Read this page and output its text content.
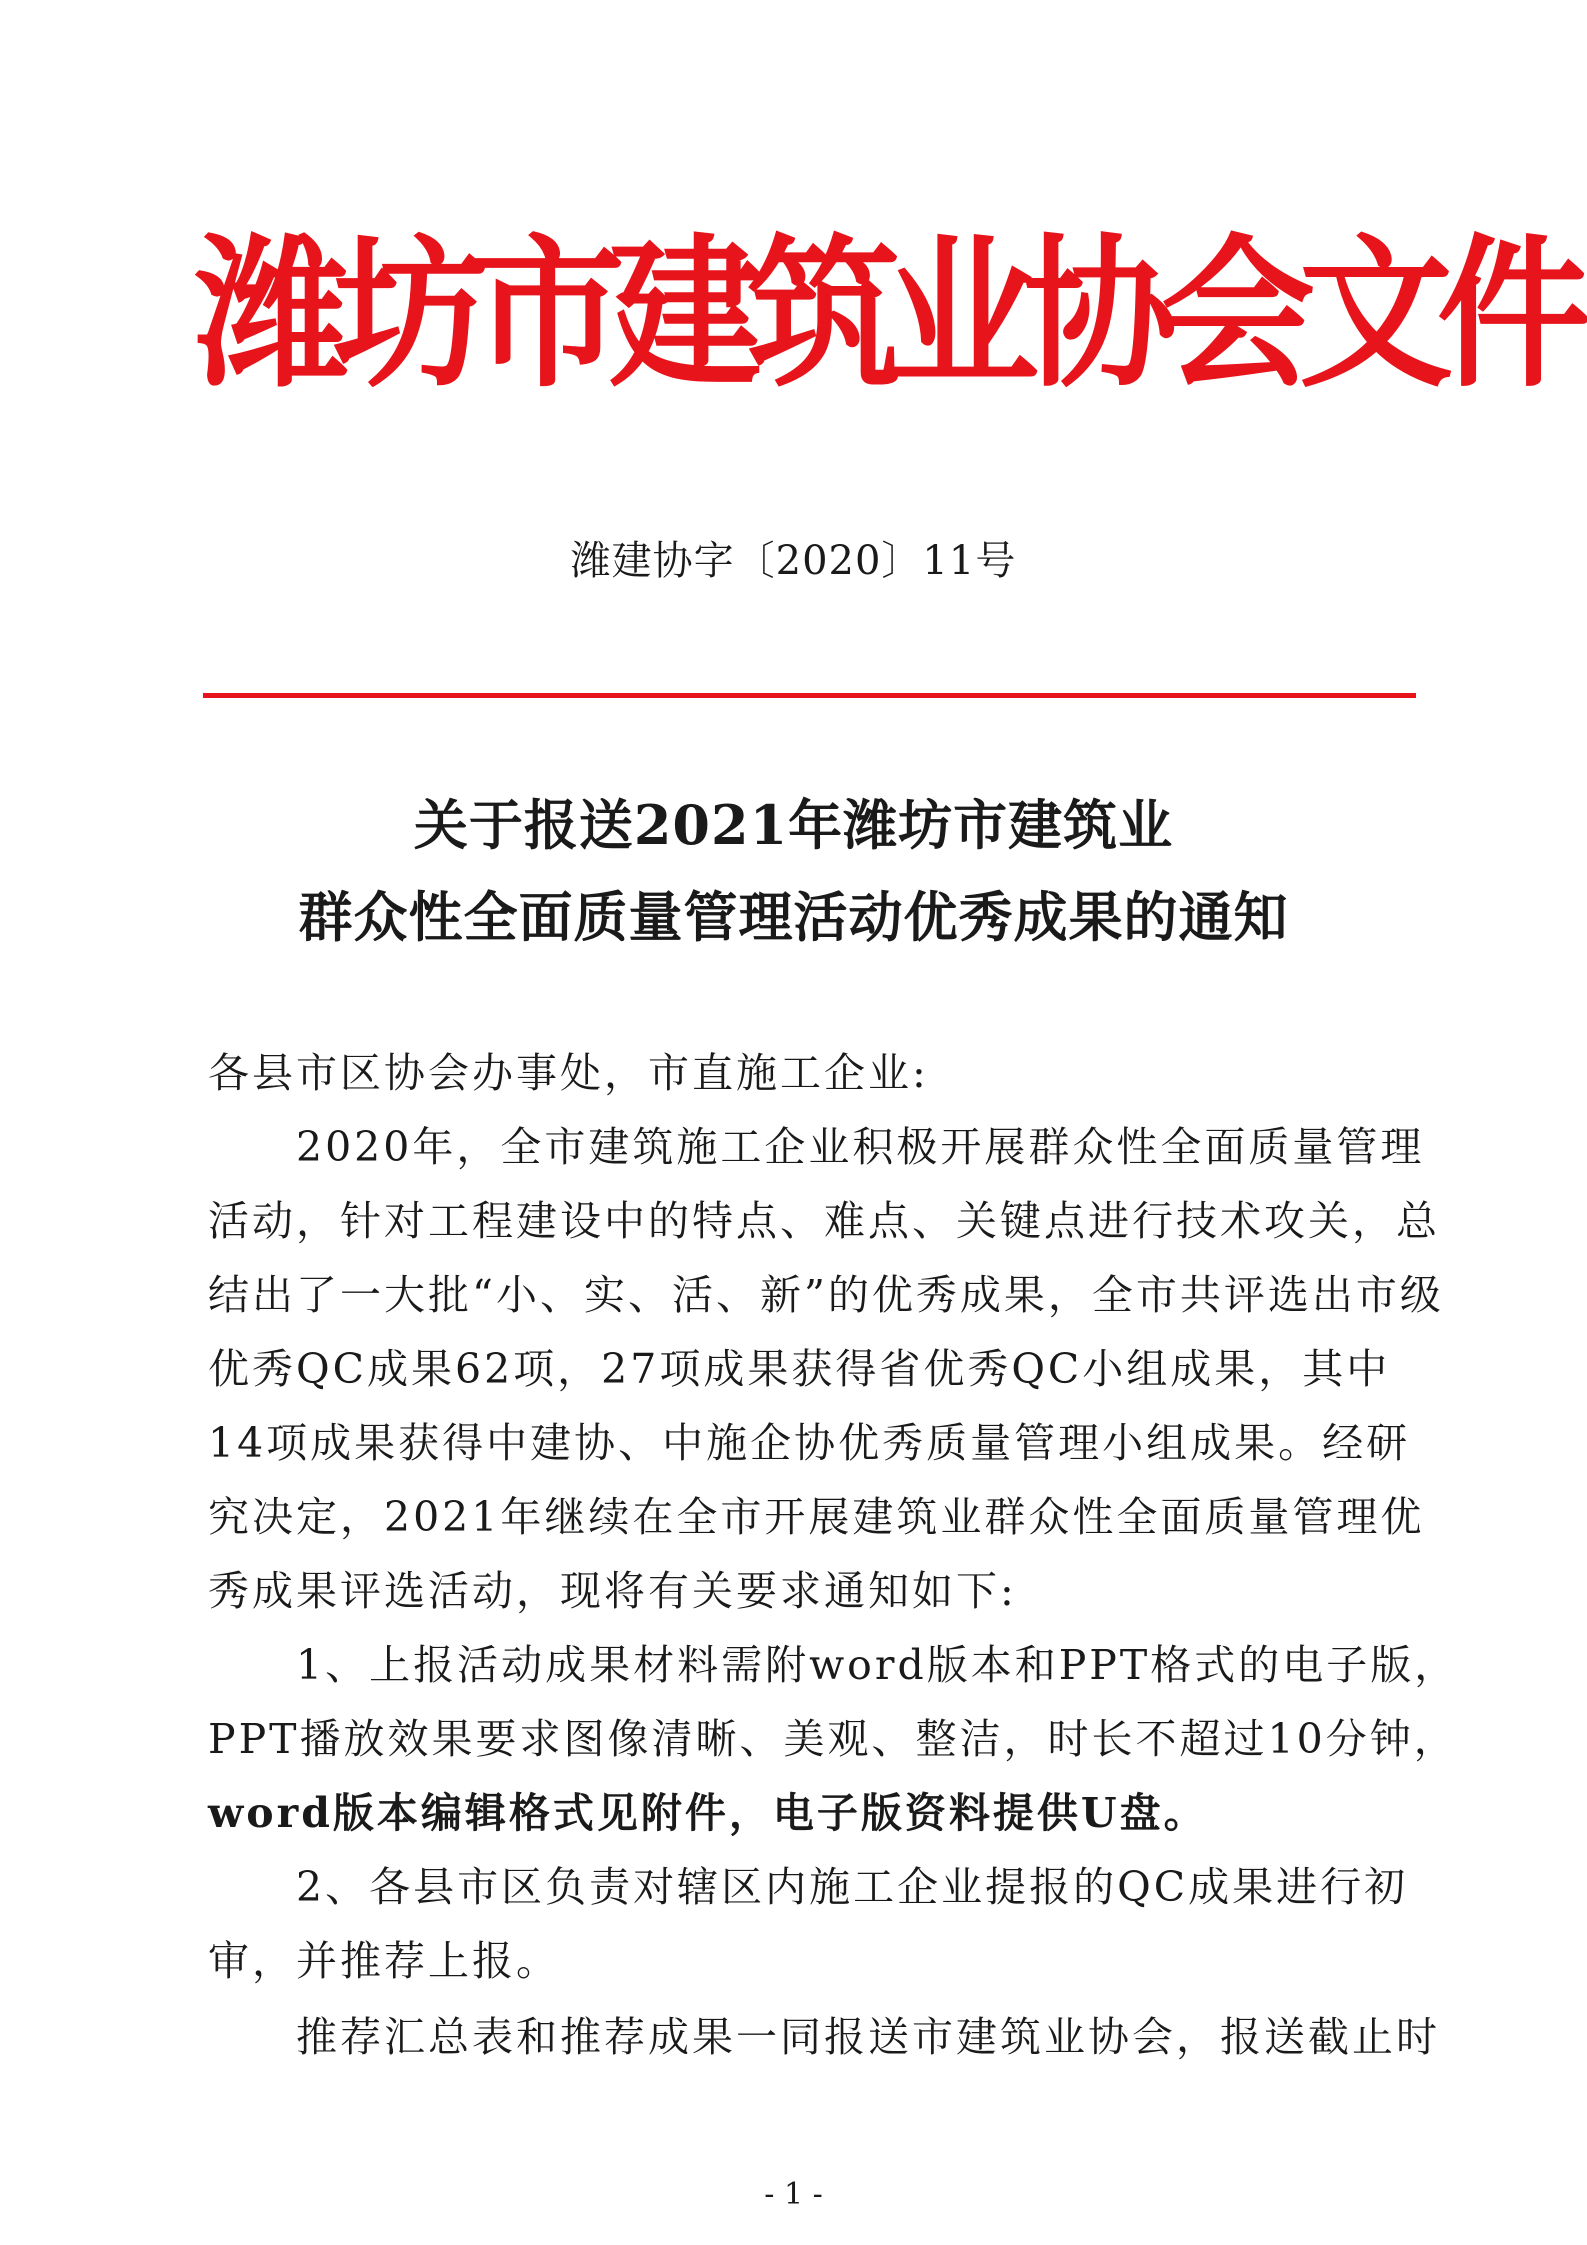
潍坊市建筑业协会文件
潍建协字〔2020〕11号
关于报送2021年潍坊市建筑业
群众性全面质量管理活动优秀成果的通知
各县市区协会办事处，市直施工企业:
　　2020年，全市建筑施工企业积极开展群众性全面质量管理
活动，针对工程建设中的特点、难点、关键点进行技术攻关，总
结出了一大批“小、实、活、新”的优秀成果，全市共评选出市级
优秀QC成果62项，27项成果获得省优秀QC小组成果，其中
14项成果获得中建协、中施企协优秀质量管理小组成果。经研
究决定，2021年继续在全市开展建筑业群众性全面质量管理优
秀成果评选活动，现将有关要求通知如下:
　　1、上报活动成果材料需附word版本和PPT格式的电子版，
PPT播放效果要求图像清晰、美观、整洁，时长不超过10分钟，
word版本编辑格式见附件，电子版资料提供U盘。
　　2、各县市区负责对辖区内施工企业提报的QC成果进行初
审，并推荐上报。
　　推荐汇总表和推荐成果一同报送市建筑业协会，报送截止时
- 1 -
